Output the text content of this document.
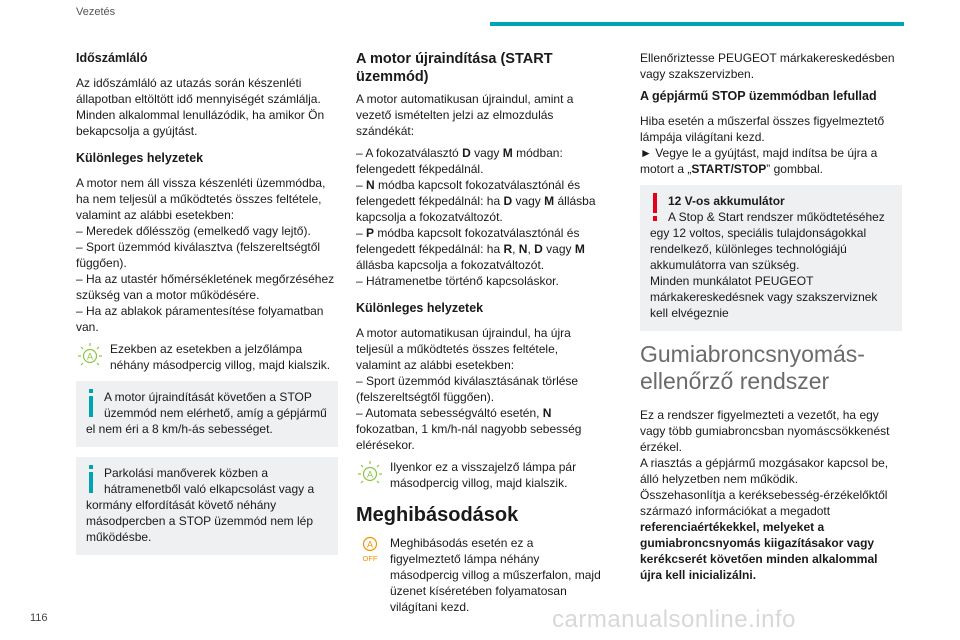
Vezetés

Időszámláló

Az időszámláló az utazás során készenléti állapotban eltöltött idő mennyiségét számlálja. Minden alkalommal lenullázódik, ha amikor Ön bekapcsolja a gyújtást.

Különleges helyzetek

A motor nem áll vissza készenléti üzemmódba, ha nem teljesül a működtetés összes feltétele, valamint az alábbi esetekben:
– Meredek dőlésszög (emelkedő vagy lejtő).
– Sport üzemmód kiválasztva (felszereltségtől függően).
– Ha az utastér hőmérsékletének megőrzéséhez szükség van a motor működésére.
– Ha az ablakok páramentesítése folyamatban van.

A
Ezekben az esetekben a jelzőlámpa néhány másodpercig villog, majd kialszik.
A motor újraindítását követően a STOP üzemmód nem elérhető, amíg a gépjármű el nem éri a 8 km/h-ás sebességet.
Parkolási manőverek közben a hátramenetből való elkapcsolást vagy a kormány elfordítását követő néhány másodpercben a STOP üzemmód nem lép működésbe.

A motor újraindítása (START üzemmód)

A motor automatikusan újraindul, amint a vezető ismételten jelzi az elmozdulás szándékát:

– A fokozatválasztó D vagy M módban: felengedett fékpedálnál.
– N módba kapcsolt fokozatválasztónál és felengedett fékpedálnál: ha D vagy M állásba kapcsolja a fokozatváltozót.
– P módba kapcsolt fokozatválasztónál és felengedett fékpedálnál: ha R, N, D vagy M állásba kapcsolja a fokozatváltozót.
– Hátramenetbe történő kapcsoláskor.

Különleges helyzetek

A motor automatikusan újraindul, ha újra teljesül a működtetés összes feltétele, valamint az alábbi esetekben:
– Sport üzemmód kiválasztásának törlése (felszereltségtől függően).
– Automata sebességváltó esetén, N fokozatban, 1 km/h-nál nagyobb sebesség elérésekor.

A
Ilyenkor ez a visszajelző lámpa pár másodpercig villog, majd kialszik.

Meghibásodások

A
OFF
Meghibásodás esetén ez a figyelmeztető lámpa néhány másodpercig villog a műszerfalon, majd üzenet kíséretében folyamatosan világítani kezd.

Ellenőriztesse PEUGEOT márkakereskedésben vagy szakszervizben.

A gépjármű STOP üzemmódban lefullad

Hiba esetén a műszerfal összes figyelmeztető lámpája világítani kezd.
► Vegye le a gyújtást, majd indítsa be újra a motort a „START/STOP” gombbal.

12 V-os akkumulátor
A Stop & Start rendszer működtetéséhez egy 12 voltos, speciális tulajdonságokkal rendelkező, különleges technológiájú akkumulátorra van szükség.
Minden munkálatot PEUGEOT márkakereskedésnek vagy szakszerviznek kell elvégeznie

Gumiabroncsnyomás-ellenőrző rendszer

Ez a rendszer figyelmezteti a vezetőt, ha egy vagy több gumiabroncsban nyomáscsökkenést érzékel.
A riasztás a gépjármű mozgásakor kapcsol be, álló helyzetben nem működik.
Összehasonlítja a keréksebesség-érzékelőktől származó információkat a megadott referenciaértékekkel, melyeket a gumiabroncsnyomás kiigazításakor vagy kerékcserét követően minden alkalommal újra kell inicializálni.

116	carmanualsonline.info
